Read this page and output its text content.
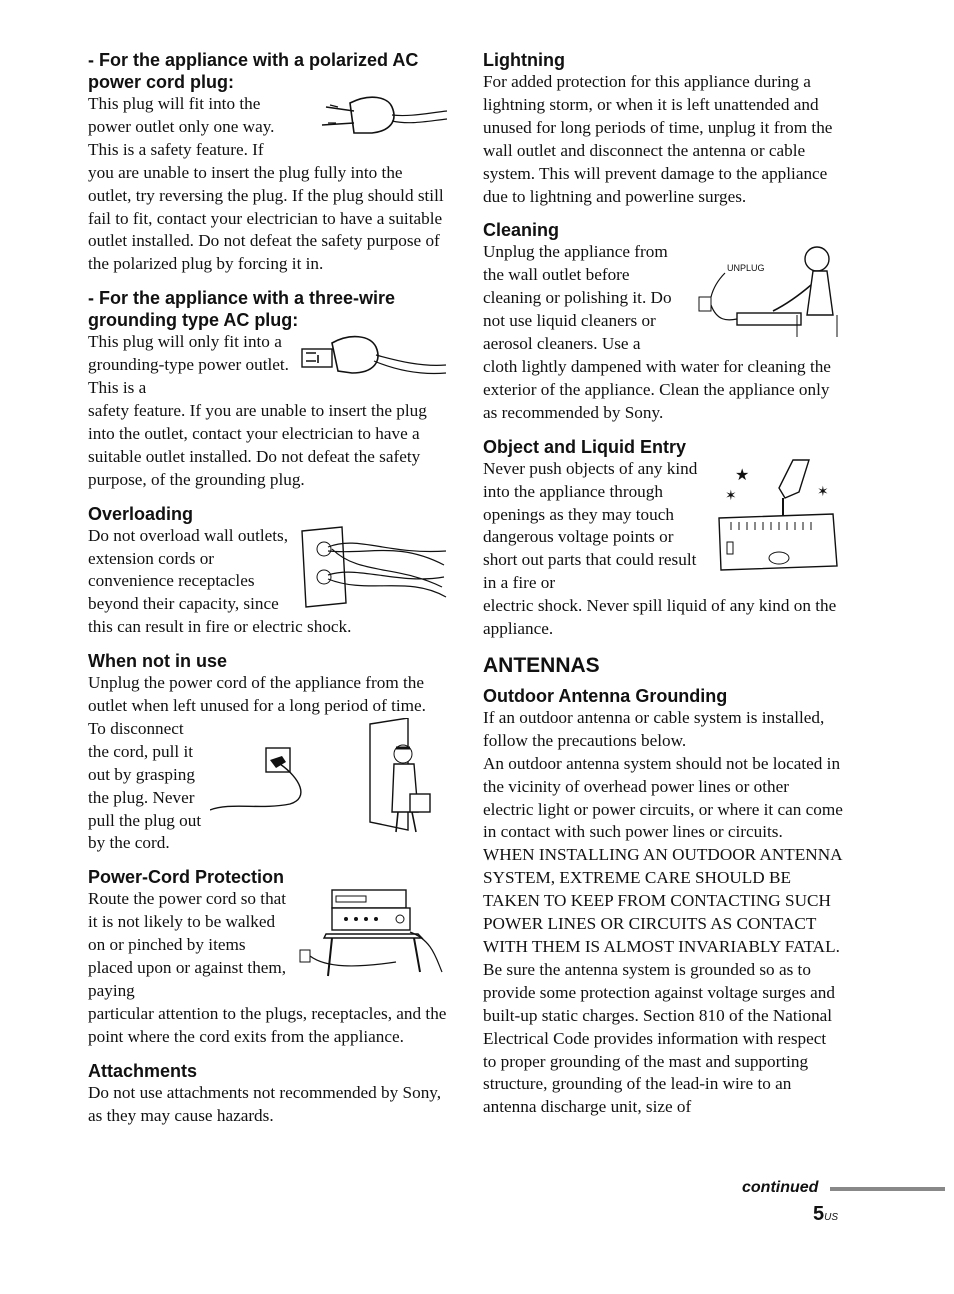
- For the appliance with a polarized AC power cord plug:

This plug will fit into the power outlet only one way. This is a safety feature. If

you are unable to insert the plug fully into the outlet, try reversing the plug. If the plug should still fail to fit, contact your electrician to have a suitable outlet installed. Do not defeat the safety purpose of the polarized plug by forcing it in.

- For the appliance with a three-wire grounding type AC plug:

This plug will only fit into a grounding-type power outlet. This is a

safety feature. If you are unable to insert the plug into the outlet, contact your electrician to have a suitable outlet installed. Do not defeat the safety purpose, of the grounding plug.

Overloading

Do not overload wall outlets, extension cords or convenience receptacles beyond their capacity, since this can result in fire or electric shock.

When not in use

Unplug the power cord of the appliance from the outlet when left unused for a long period of time.

To disconnect the cord, pull it out by grasping the plug. Never pull the plug out by the cord.

Power-Cord Protection

Route the power cord so that it is not likely to be walked on or pinched by items placed upon or against them, paying

particular attention to the plugs, receptacles, and the point where the cord exits from the appliance.

Attachments

Do not use attachments not recommended by Sony, as they may cause hazards.

Lightning

For added protection for this appliance during a lightning storm, or when it is left unattended and unused for long periods of time, unplug it from the wall outlet and disconnect the antenna or cable system. This will prevent damage to the appliance due to lightning and powerline surges.

Cleaning
UNPLUG

Unplug the appliance from the wall outlet before cleaning or polishing it. Do not use liquid cleaners or aerosol cleaners. Use a

cloth lightly dampened with water for cleaning the exterior of the appliance. Clean the appliance only as recommended by Sony.

Object and Liquid Entry
★
✶	✶

Never push objects of any kind into the appliance through openings as they may touch dangerous voltage points or short out parts that could result in a fire or

electric shock. Never spill liquid of any kind on the appliance.

ANTENNAS
Outdoor Antenna Grounding

If an outdoor antenna or cable system is installed, follow the precautions below.

An outdoor antenna system should not be located in the vicinity of overhead power lines or other electric light or power circuits, or where it can come in contact with such power lines or circuits.

WHEN INSTALLING AN OUTDOOR ANTENNA SYSTEM, EXTREME CARE SHOULD BE TAKEN TO KEEP FROM CONTACTING SUCH POWER LINES OR CIRCUITS AS CONTACT WITH THEM IS ALMOST INVARIABLY FATAL.

Be sure the antenna system is grounded so as to provide some protection against voltage surges and built-up static charges. Section 810 of the National Electrical Code provides information with respect to proper grounding of the mast and supporting structure, grounding of the lead-in wire to an antenna discharge unit, size of

continued
5US
